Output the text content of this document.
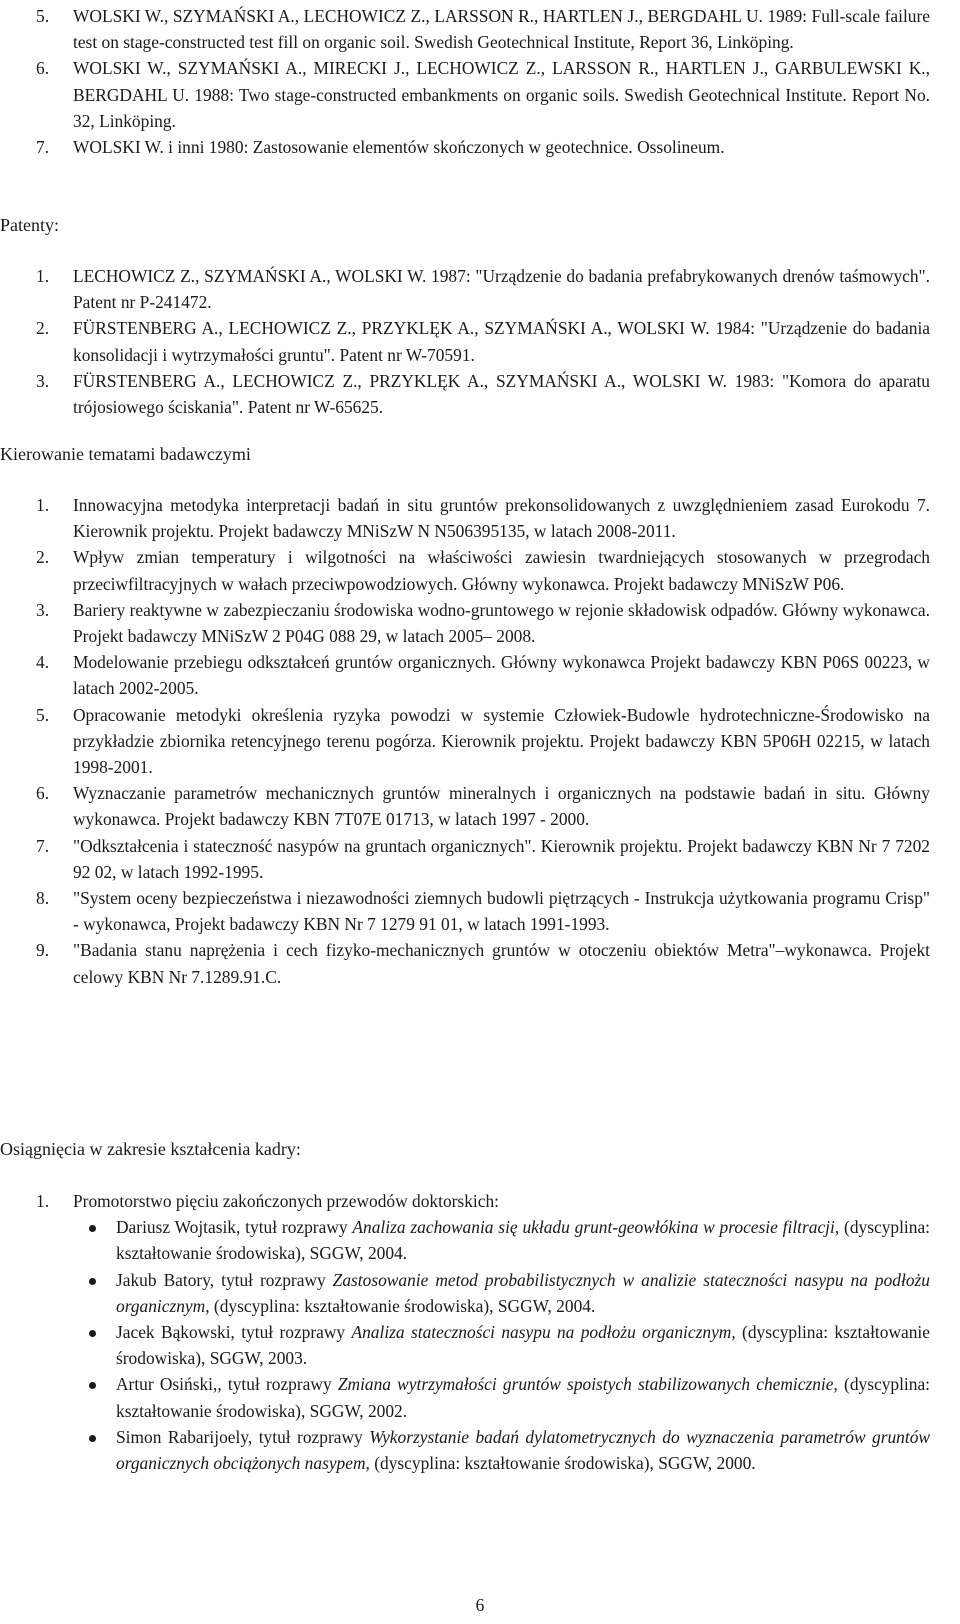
5. WOLSKI W., SZYMAŃSKI A., LECHOWICZ Z., LARSSON R., HARTLEN J., BERGDAHL U. 1989: Full-scale failure test on stage-constructed test fill on organic soil. Swedish Geotechnical Institute, Report 36, Linköping.
6. WOLSKI W., SZYMAŃSKI A., MIRECKI J., LECHOWICZ Z., LARSSON R., HARTLEN J., GARBULEWSKI K., BERGDAHL U. 1988: Two stage-constructed embankments on organic soils. Swedish Geotechnical Institute. Report No. 32, Linköping.
7. WOLSKI W. i inni 1980: Zastosowanie elementów skończonych w geotechnice. Ossolineum.
Patenty:
1. LECHOWICZ Z., SZYMAŃSKI A., WOLSKI W. 1987: "Urządzenie do badania prefabrykowanych drenów taśmowych". Patent nr P-241472.
2. FÜRSTENBERG A., LECHOWICZ Z., PRZYKLĘK A., SZYMAŃSKI A., WOLSKI W. 1984: "Urządzenie do badania konsolidacji i wytrzymałości gruntu". Patent nr W-70591.
3. FÜRSTENBERG A., LECHOWICZ Z., PRZYKLĘK A., SZYMAŃSKI A., WOLSKI W. 1983: "Komora do aparatu trójosiowego ściskania". Patent nr W-65625.
Kierowanie tematami badawczymi
1. Innowacyjna metodyka interpretacji badań in situ gruntów prekonsolidowanych z uwzględnieniem zasad Eurokodu 7. Kierownik projektu. Projekt badawczy MNiSzW N N506395135, w latach 2008-2011.
2. Wpływ zmian temperatury i wilgotności na właściwości zawiesin twardniejących stosowanych w przegrodach przeciwfiltracyjnych w wałach przeciwpowodziowych. Główny wykonawca. Projekt badawczy MNiSzW P06.
3. Bariery reaktywne w zabezpieczaniu środowiska wodno-gruntowego w rejonie składowisk odpadów. Główny wykonawca. Projekt badawczy MNiSzW 2 P04G 088 29, w latach 2005– 2008.
4. Modelowanie przebiegu odkształceń gruntów organicznych. Główny wykonawca Projekt badawczy KBN P06S 00223, w latach 2002-2005.
5. Opracowanie metodyki określenia ryzyka powodzi w systemie Człowiek-Budowle hydrotechniczne-Środowisko na przykładzie zbiornika retencyjnego terenu pogórza. Kierownik projektu. Projekt badawczy KBN 5P06H 02215, w latach 1998-2001.
6. Wyznaczanie parametrów mechanicznych gruntów mineralnych i organicznych na podstawie badań in situ. Główny wykonawca. Projekt badawczy KBN 7T07E 01713, w latach 1997 - 2000.
7. "Odkształcenia i stateczność nasypów na gruntach organicznych". Kierownik projektu. Projekt badawczy KBN Nr 7 7202 92 02, w latach 1992-1995.
8. "System oceny bezpieczeństwa i niezawodności ziemnych budowli piętrzących - Instrukcja użytkowania programu Crisp" - wykonawca, Projekt badawczy KBN Nr 7 1279 91 01, w latach 1991-1993.
9. "Badania stanu naprężenia i cech fizyko-mechanicznych gruntów w otoczeniu obiektów Metra"–wykonawca. Projekt celowy KBN Nr 7.1289.91.C.
Osiągnięcia w zakresie kształcenia kadry:
1. Promotorstwo pięciu zakończonych przewodów doktorskich:
Dariusz Wojtasik, tytuł rozprawy Analiza zachowania się układu grunt-geowłókina w procesie filtracji, (dyscyplina: kształtowanie środowiska), SGGW, 2004.
Jakub Batory, tytuł rozprawy Zastosowanie metod probabilistycznych w analizie stateczności nasypu na podłożu organicznym, (dyscyplina: kształtowanie środowiska), SGGW, 2004.
Jacek Bąkowski, tytuł rozprawy Analiza stateczności nasypu na podłożu organicznym, (dyscyplina: kształtowanie środowiska), SGGW, 2003.
Artur Osiński,, tytuł rozprawy Zmiana wytrzymałości gruntów spoistych stabilizowanych chemicznie, (dyscyplina: kształtowanie środowiska), SGGW, 2002.
Simon Rabarijoely, tytuł rozprawy Wykorzystanie badań dylatometrycznych do wyznaczenia parametrów gruntów organicznych obciążonych nasypem, (dyscyplina: kształtowanie środowiska), SGGW, 2000.
6
